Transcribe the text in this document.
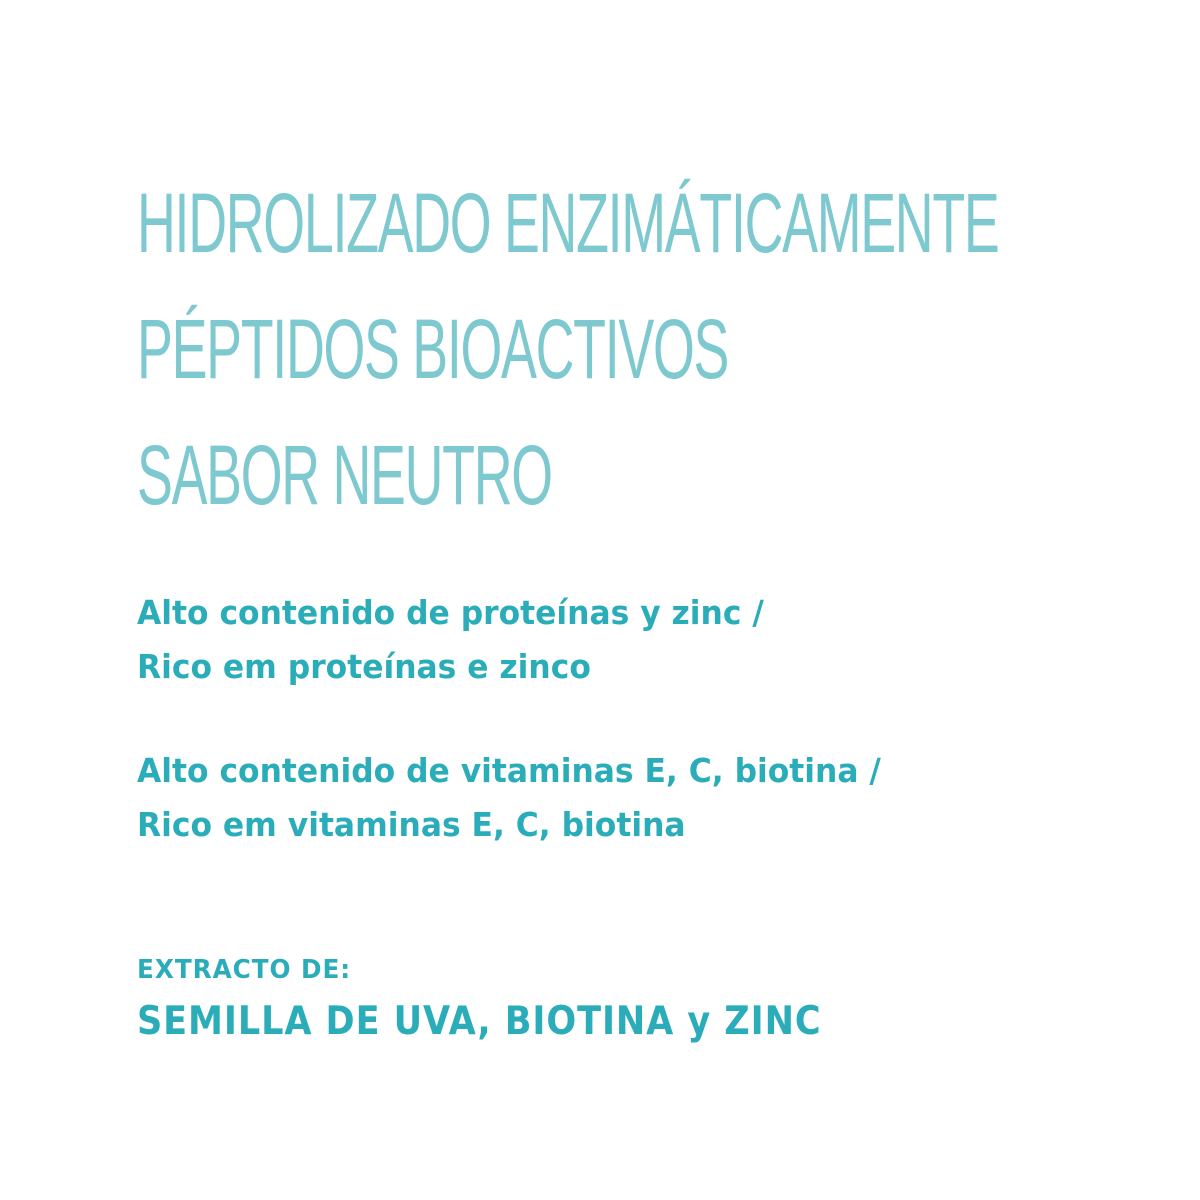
HIDROLIZADO ENZIMÁTICAMENTE
PÉPTIDOS BIOACTIVOS
SABOR NEUTRO

Alto contenido de proteínas y zinc /
Rico em proteínas e zinco

Alto contenido de vitaminas E, C, biotina /
Rico em vitaminas E, C, biotina

EXTRACTO DE:

SEMILLA DE UVA, BIOTINA y ZINC
